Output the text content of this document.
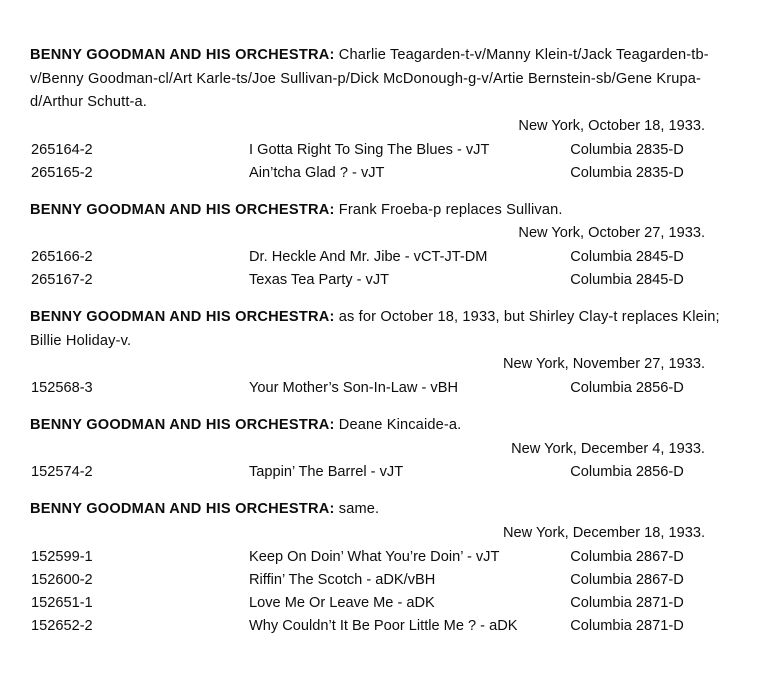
BENNY GOODMAN AND HIS ORCHESTRA: Charlie Teagarden-t-v/Manny Klein-t/Jack Teagarden-tb-v/Benny Goodman-cl/Art Karle-ts/Joe Sullivan-p/Dick McDonough-g-v/Artie Bernstein-sb/Gene Krupa-d/Arthur Schutt-a.
New York, October 18, 1933.
265164-2	I Gotta Right To Sing The Blues - vJT	Columbia 2835-D
265165-2	Ain’tcha Glad ? - vJT	Columbia 2835-D
BENNY GOODMAN AND HIS ORCHESTRA: Frank Froeba-p replaces Sullivan.
New York, October 27, 1933.
265166-2	Dr. Heckle And Mr. Jibe - vCT-JT-DM	Columbia 2845-D
265167-2	Texas Tea Party - vJT	Columbia 2845-D
BENNY GOODMAN AND HIS ORCHESTRA: as for October 18, 1933, but Shirley Clay-t replaces Klein; Billie Holiday-v.
New York, November 27, 1933.
152568-3	Your Mother’s Son-In-Law - vBH	Columbia 2856-D
BENNY GOODMAN AND HIS ORCHESTRA: Deane Kincaide-a.
New York, December 4, 1933.
152574-2	Tappin’ The Barrel - vJT	Columbia 2856-D
BENNY GOODMAN AND HIS ORCHESTRA: same.
New York, December 18, 1933.
152599-1	Keep On Doin’ What You’re Doin’ - vJT	Columbia 2867-D
152600-2	Riffin’ The Scotch - aDK/vBH	Columbia 2867-D
152651-1	Love Me Or Leave Me - aDK	Columbia 2871-D
152652-2	Why Couldn’t It Be Poor Little Me ? - aDK	Columbia 2871-D
